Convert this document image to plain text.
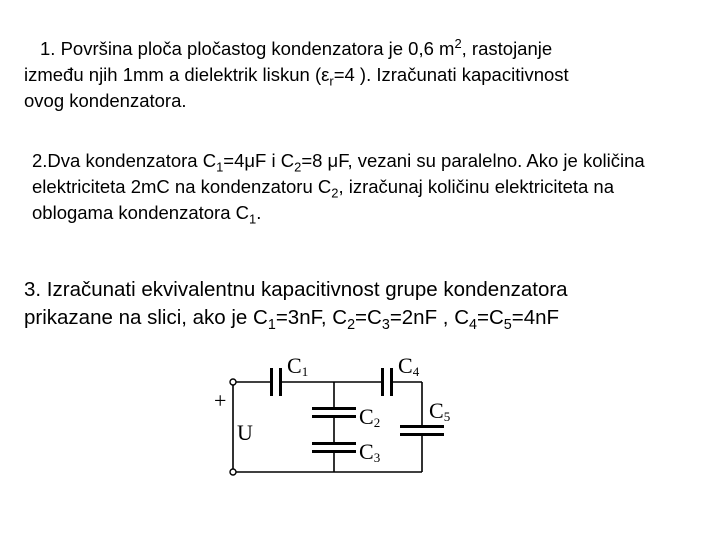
1. Površina ploča pločastog kondenzatora je 0,6 $m^2$, rastojanje
između njih 1mm a dielektrik liskun ($\varepsilon_r=4$ ). Izračunati kapacitivnost
ovog kondenzatora.

2.Dva kondenzatora $C_1=4\mu F$ i $C_2=8$ μF, vezani su paralelno. Ako je količina
elektriciteta 2mC na kondenzatoru $C_2$, izračunaj količinu elektriciteta na
oblogama kondenzatora $C_1$.

3. Izračunati ekvivalentnu kapacitivnost grupe kondenzatora
prikazane na slici, ako je $C_1=3nF$, $C_2=C_3=2nF$ , $C_4=C_5=4nF$

C1	C4
C2
C3
C5
U
+
